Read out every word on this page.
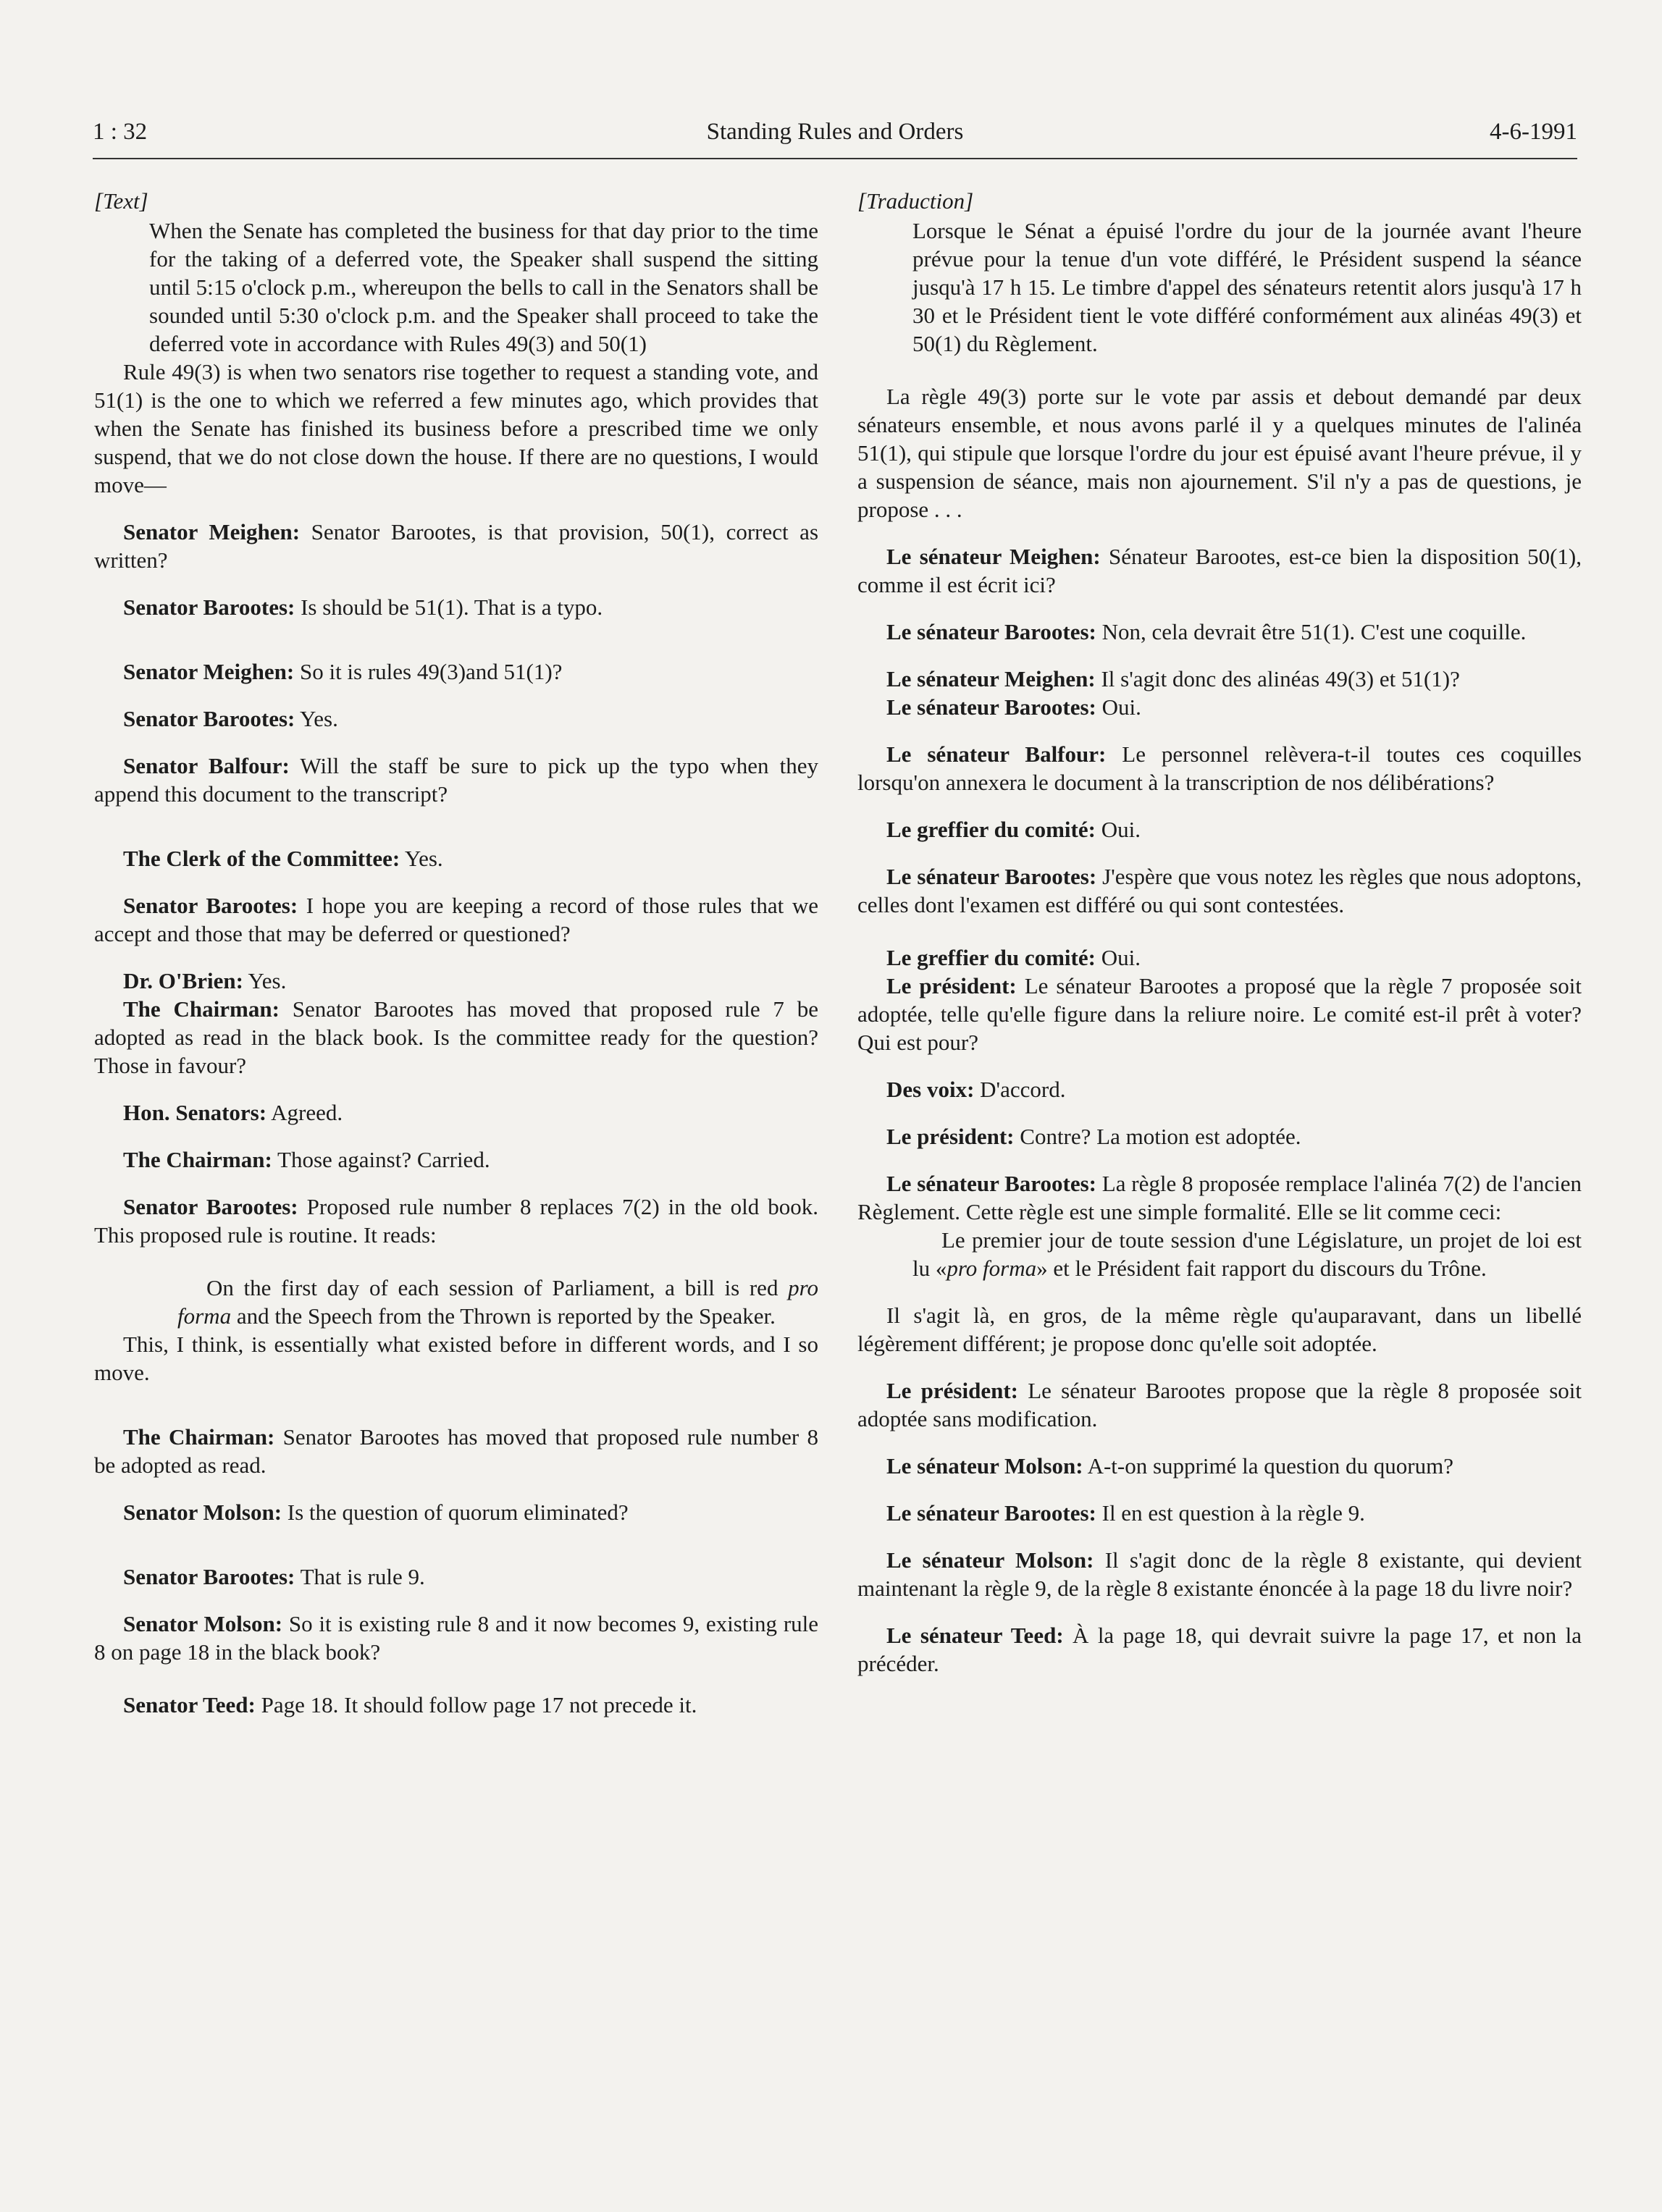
1 : 32	Standing Rules and Orders	4-6-1991

[Text]

When the Senate has completed the business for that day prior to the time for the taking of a deferred vote, the Speaker shall suspend the sitting until 5:15 o'clock p.m., whereupon the bells to call in the Senators shall be sounded until 5:30 o'clock p.m. and the Speaker shall proceed to take the deferred vote in accordance with Rules 49(3) and 50(1)

Rule 49(3) is when two senators rise together to request a standing vote, and 51(1) is the one to which we referred a few minutes ago, which provides that when the Senate has finished its business before a prescribed time we only suspend, that we do not close down the house. If there are no questions, I would move—

Senator Meighen: Senator Barootes, is that provision, 50(1), correct as written?

Senator Barootes: Is should be 51(1). That is a typo.

Senator Meighen: So it is rules 49(3)and 51(1)?

Senator Barootes: Yes.

Senator Balfour: Will the staff be sure to pick up the typo when they append this document to the transcript?

The Clerk of the Committee: Yes.

Senator Barootes: I hope you are keeping a record of those rules that we accept and those that may be deferred or questioned?

Dr. O'Brien: Yes.

The Chairman: Senator Barootes has moved that proposed rule 7 be adopted as read in the black book. Is the committee ready for the question? Those in favour?

Hon. Senators: Agreed.

The Chairman: Those against? Carried.

Senator Barootes: Proposed rule number 8 replaces 7(2) in the old book. This proposed rule is routine. It reads:

On the first day of each session of Parliament, a bill is red pro forma and the Speech from the Thrown is reported by the Speaker.

This, I think, is essentially what existed before in different words, and I so move.

The Chairman: Senator Barootes has moved that proposed rule number 8 be adopted as read.

Senator Molson: Is the question of quorum eliminated?

Senator Barootes: That is rule 9.

Senator Molson: So it is existing rule 8 and it now becomes 9, existing rule 8 on page 18 in the black book?

Senator Teed: Page 18. It should follow page 17 not precede it.

[Traduction]

Lorsque le Sénat a épuisé l'ordre du jour de la journée avant l'heure prévue pour la tenue d'un vote différé, le Président suspend la séance jusqu'à 17 h 15. Le timbre d'appel des sénateurs retentit alors jusqu'à 17 h 30 et le Président tient le vote différé conformément aux alinéas 49(3) et 50(1) du Règlement.

La règle 49(3) porte sur le vote par assis et debout demandé par deux sénateurs ensemble, et nous avons parlé il y a quelques minutes de l'alinéa 51(1), qui stipule que lorsque l'ordre du jour est épuisé avant l'heure prévue, il y a suspension de séance, mais non ajournement. S'il n'y a pas de questions, je propose . . .

Le sénateur Meighen: Sénateur Barootes, est-ce bien la disposition 50(1), comme il est écrit ici?

Le sénateur Barootes: Non, cela devrait être 51(1). C'est une coquille.

Le sénateur Meighen: Il s'agit donc des alinéas 49(3) et 51(1)?

Le sénateur Barootes: Oui.

Le sénateur Balfour: Le personnel relèvera-t-il toutes ces coquilles lorsqu'on annexera le document à la transcription de nos délibérations?

Le greffier du comité: Oui.

Le sénateur Barootes: J'espère que vous notez les règles que nous adoptons, celles dont l'examen est différé ou qui sont contestées.

Le greffier du comité: Oui.

Le président: Le sénateur Barootes a proposé que la règle 7 proposée soit adoptée, telle qu'elle figure dans la reliure noire. Le comité est-il prêt à voter? Qui est pour?

Des voix: D'accord.

Le président: Contre? La motion est adoptée.

Le sénateur Barootes: La règle 8 proposée remplace l'alinéa 7(2) de l'ancien Règlement. Cette règle est une simple formalité. Elle se lit comme ceci:

Le premier jour de toute session d'une Législature, un projet de loi est lu «pro forma» et le Président fait rapport du discours du Trône.

Il s'agit là, en gros, de la même règle qu'auparavant, dans un libellé légèrement différent; je propose donc qu'elle soit adoptée.

Le président: Le sénateur Barootes propose que la règle 8 proposée soit adoptée sans modification.

Le sénateur Molson: A-t-on supprimé la question du quorum?

Le sénateur Barootes: Il en est question à la règle 9.

Le sénateur Molson: Il s'agit donc de la règle 8 existante, qui devient maintenant la règle 9, de la règle 8 existante énoncée à la page 18 du livre noir?

Le sénateur Teed: À la page 18, qui devrait suivre la page 17, et non la précéder.
